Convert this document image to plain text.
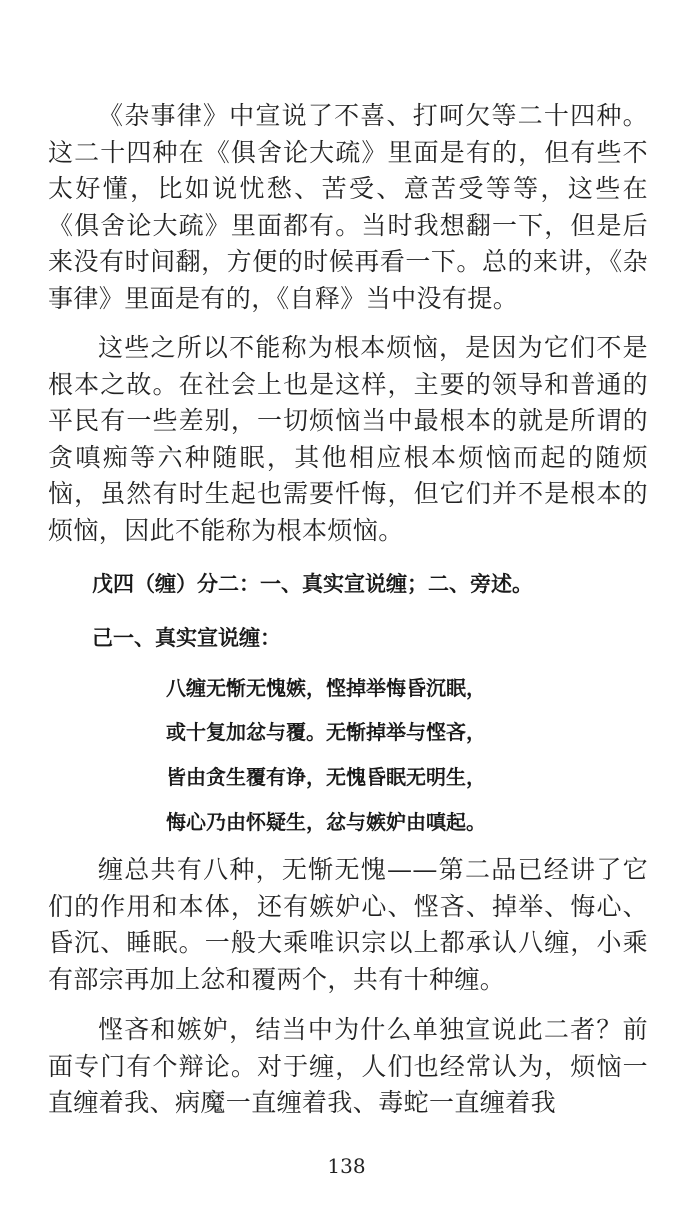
《杂事律》中宣说了不喜、打呵欠等二十四种。这二十四种在《俱舍论大疏》里面是有的，但有些不太好懂，比如说忧愁、苦受、意苦受等等，这些在《俱舍论大疏》里面都有。当时我想翻一下，但是后来没有时间翻，方便的时候再看一下。总的来讲，《杂事律》里面是有的，《自释》当中没有提。

这些之所以不能称为根本烦恼，是因为它们不是根本之故。在社会上也是这样，主要的领导和普通的平民有一些差别，一切烦恼当中最根本的就是所谓的贪嗔痴等六种随眠，其他相应根本烦恼而起的随烦恼，虽然有时生起也需要忏悔，但它们并不是根本的烦恼，因此不能称为根本烦恼。

戊四（缠）分二：一、真实宣说缠；二、旁述。
己一、真实宣说缠：

八缠无惭无愧嫉，悭掉举悔昏沉眠，

或十复加忿与覆。无惭掉举与悭吝，

皆由贪生覆有诤，无愧昏眠无明生，

悔心乃由怀疑生，忿与嫉妒由嗔起。

缠总共有八种，无惭无愧——第二品已经讲了它们的作用和本体，还有嫉妒心、悭吝、掉举、悔心、昏沉、睡眠。一般大乘唯识宗以上都承认八缠，小乘有部宗再加上忿和覆两个，共有十种缠。

悭吝和嫉妒，结当中为什么单独宣说此二者？前面专门有个辩论。对于缠，人们也经常认为，烦恼一直缠着我、病魔一直缠着我、毒蛇一直缠着我

138
